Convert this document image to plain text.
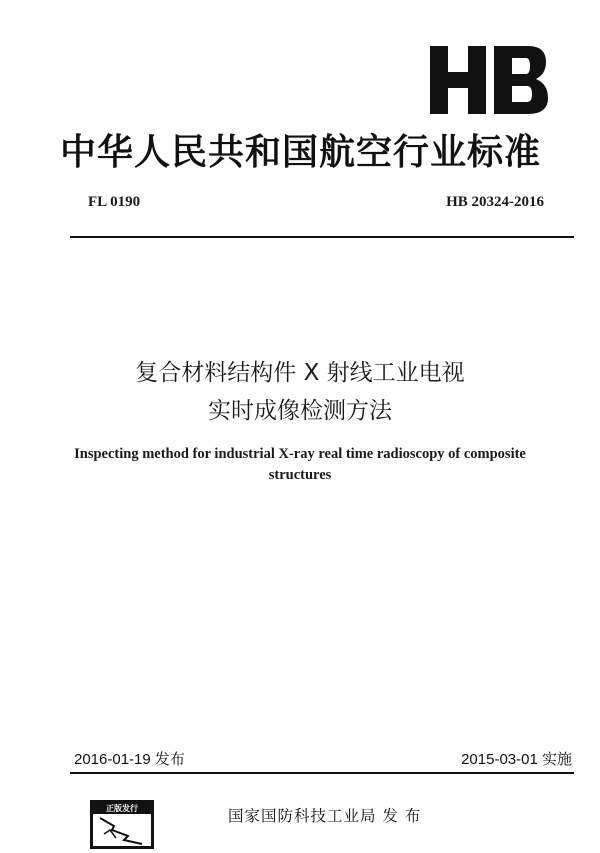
中华人民共和国航空行业标准
FL 0190	HB 20324-2016
复合材料结构件 X 射线工业电视
实时成像检测方法
Inspecting method for industrial X-ray real time radioscopy of composite
structures
2016-01-19 发布	2015-03-01 实施
正版发行	国家国防科技工业局 发 布
